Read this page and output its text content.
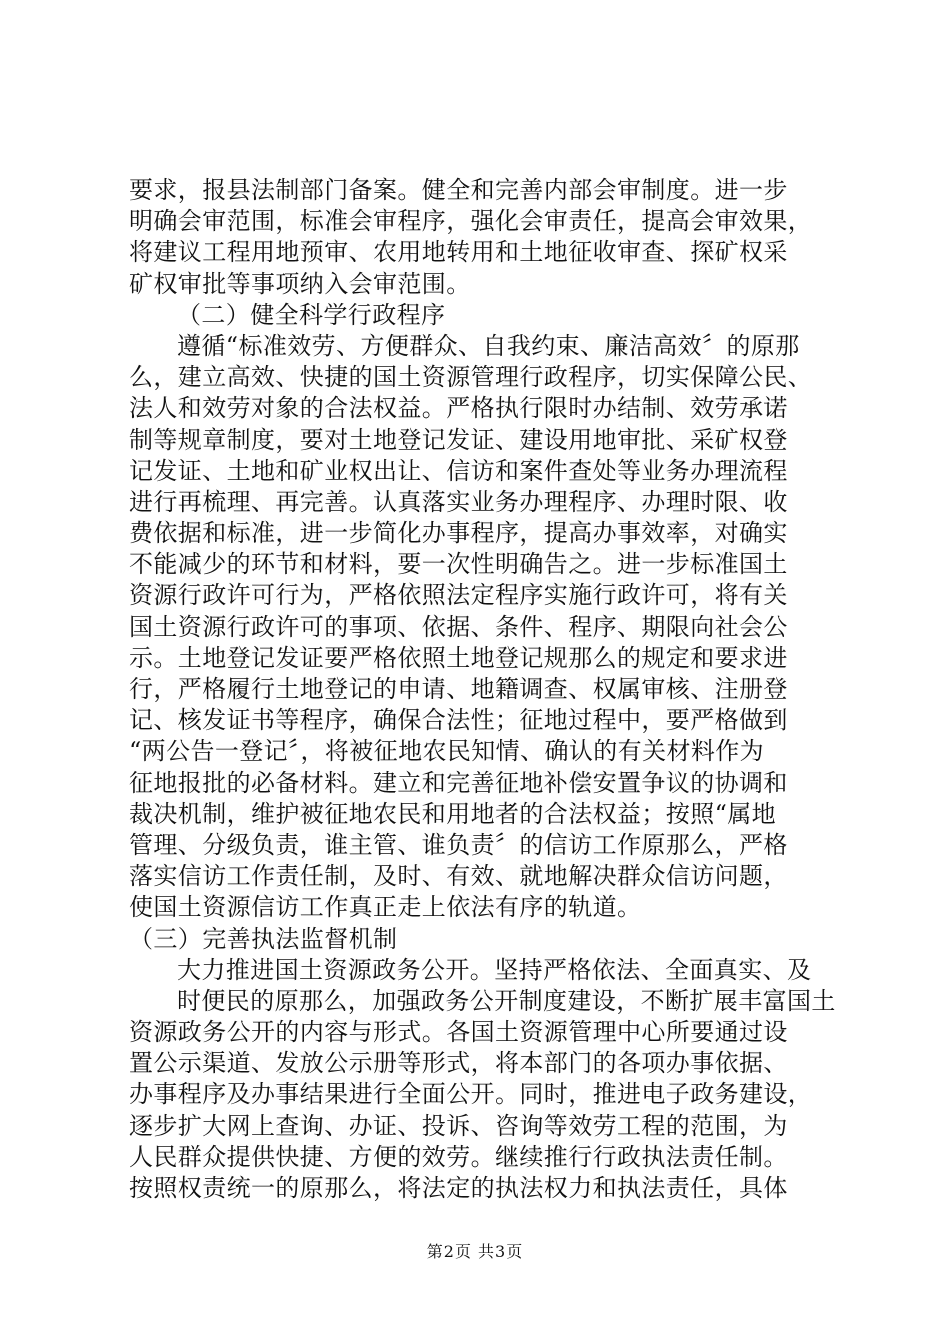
要求，报县法制部门备案。健全和完善内部会审制度。进一步
明确会审范围，标准会审程序，强化会审责任，提高会审效果，
将建议工程用地预审、农用地转用和土地征收审查、探矿权采
矿权审批等事项纳入会审范围。
（二）健全科学行政程序
遵循“标准效劳、方便群众、自我约束、廉洁高效〞的原那
么，建立高效、快捷的国土资源管理行政程序，切实保障公民、
法人和效劳对象的合法权益。严格执行限时办结制、效劳承诺
制等规章制度，要对土地登记发证、建设用地审批、采矿权登
记发证、土地和矿业权出让、信访和案件查处等业务办理流程
进行再梳理、再完善。认真落实业务办理程序、办理时限、收
费依据和标准，进一步简化办事程序，提高办事效率，对确实
不能减少的环节和材料，要一次性明确告之。进一步标准国土
资源行政许可行为，严格依照法定程序实施行政许可，将有关
国土资源行政许可的事项、依据、条件、程序、期限向社会公
示。土地登记发证要严格依照土地登记规那么的规定和要求进
行，严格履行土地登记的申请、地籍调查、权属审核、注册登
记、核发证书等程序，确保合法性；征地过程中，要严格做到
“两公告一登记〞，将被征地农民知情、确认的有关材料作为
征地报批的必备材料。建立和完善征地补偿安置争议的协调和
裁决机制，维护被征地农民和用地者的合法权益；按照“属地
管理、分级负责，谁主管、谁负责〞的信访工作原那么，严格
落实信访工作责任制，及时、有效、就地解决群众信访问题，
使国土资源信访工作真正走上依法有序的轨道。
（三）完善执法监督机制
大力推进国土资源政务公开。坚持严格依法、全面真实、及
时便民的原那么，加强政务公开制度建设，不断扩展丰富国土
资源政务公开的内容与形式。各国土资源管理中心所要通过设
置公示渠道、发放公示册等形式，将本部门的各项办事依据、
办事程序及办事结果进行全面公开。同时，推进电子政务建设，
逐步扩大网上查询、办证、投诉、咨询等效劳工程的范围，为
人民群众提供快捷、方便的效劳。继续推行行政执法责任制。
按照权责统一的原那么，将法定的执法权力和执法责任，具体
第2页 共3页
